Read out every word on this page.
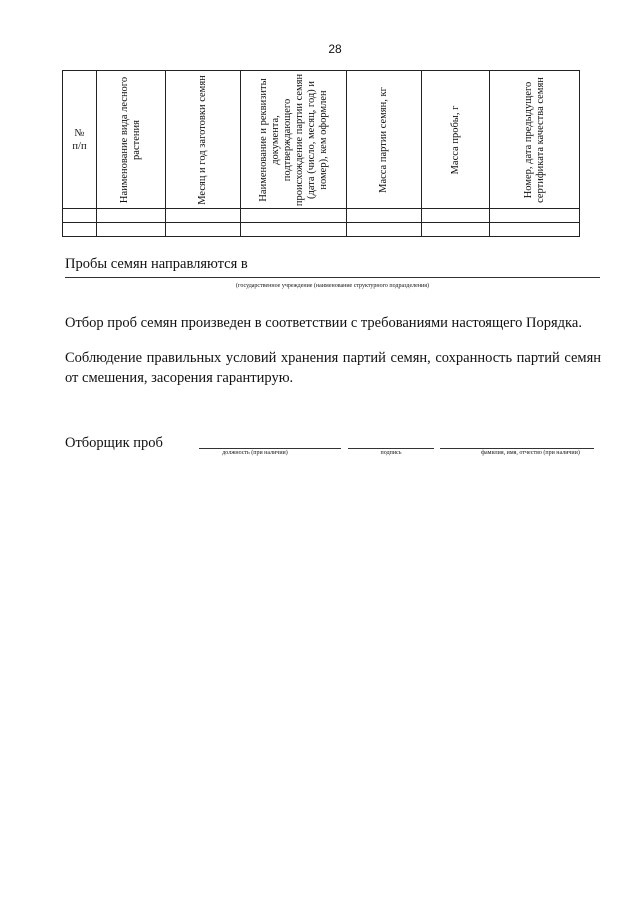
28
№
п/п	Наименование вида лесного растения	Месяц и год заготовки семян	Наименование и реквизиты документа, подтверждающего происхождение партии семян (дата (число, месяц, год) и номер), кем оформлен	Масса партии семян, кг	Масса пробы, г	Номер, дата предыдущего сертификата качества семян

Пробы семян направляются в
(государственное учреждение (наименование структурного подразделения)
Отбор проб семян произведен в соответствии с требованиями настоящего Порядка.
Соблюдение правильных условий хранения партий семян, сохранность партий семян от смешения, засорения гарантирую.
Отборщик проб
должность (при наличии)	подпись	фамилия, имя, отчество (при наличии)
